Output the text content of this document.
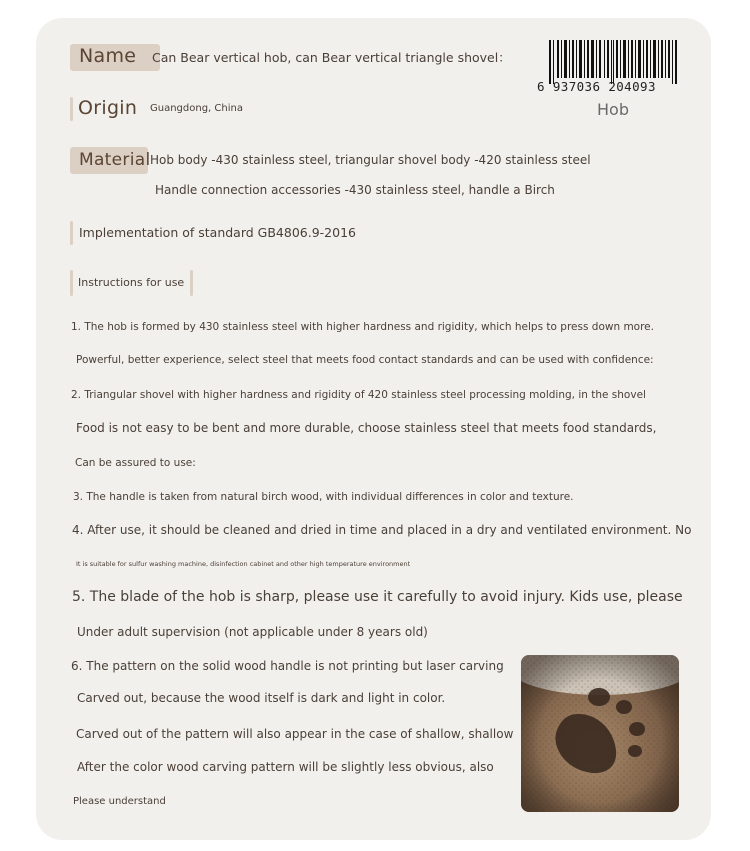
Name Can Bear vertical hob, can Bear vertical triangle shovel：
6 937036 204093
Hob
Origin Guangdong, China
Material Hob body -430 stainless steel, triangular shovel body -420 stainless steel
Handle connection accessories -430 stainless steel, handle a Birch
Implementation of standard GB4806.9-2016
Instructions for use
1. The hob is formed by 430 stainless steel with higher hardness and rigidity, which helps to press down more.
Powerful, better experience, select steel that meets food contact standards and can be used with confidence:
2. Triangular shovel with higher hardness and rigidity of 420 stainless steel processing molding, in the shovel
Food is not easy to be bent and more durable, choose stainless steel that meets food standards,
Can be assured to use:
3. The handle is taken from natural birch wood, with individual differences in color and texture.
4. After use, it should be cleaned and dried in time and placed in a dry and ventilated environment. No
It is suitable for sulfur washing machine, disinfection cabinet and other high temperature environment
5. The blade of the hob is sharp, please use it carefully to avoid injury. Kids use, please
Under adult supervision (not applicable under 8 years old)
6. The pattern on the solid wood handle is not printing but laser carving
Carved out, because the wood itself is dark and light in color.
Carved out of the pattern will also appear in the case of shallow, shallow
After the color wood carving pattern will be slightly less obvious, also
Please understand
